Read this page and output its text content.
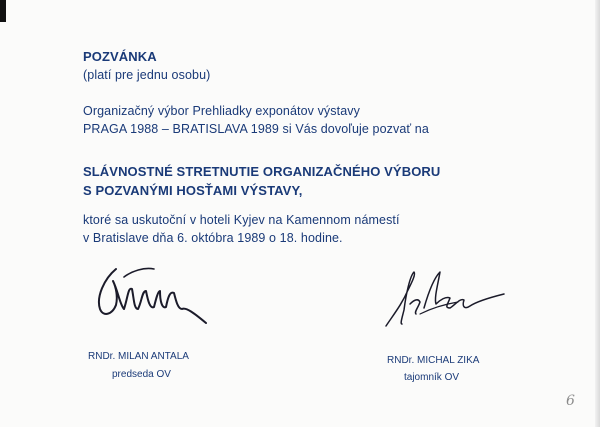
POZVÁNKA
(platí pre jednu osobu)
Organizačný výbor Prehliadky exponátov výstavy
PRAGA 1988 – BRATISLAVA 1989 si Vás dovoľuje pozvať na
SLÁVNOSTNÉ STRETNUTIE ORGANIZAČNÉHO VÝBORU
S POZVANÝMI HOSŤAMI VÝSTAVY,
ktoré sa uskutoční v hoteli Kyjev na Kamennom námestí
v Bratislave dňa 6. októbra 1989 o 18. hodine.
RNDr. MILAN ANTALA
predseda OV
RNDr. MICHAL ZIKA
tajomník OV
6
